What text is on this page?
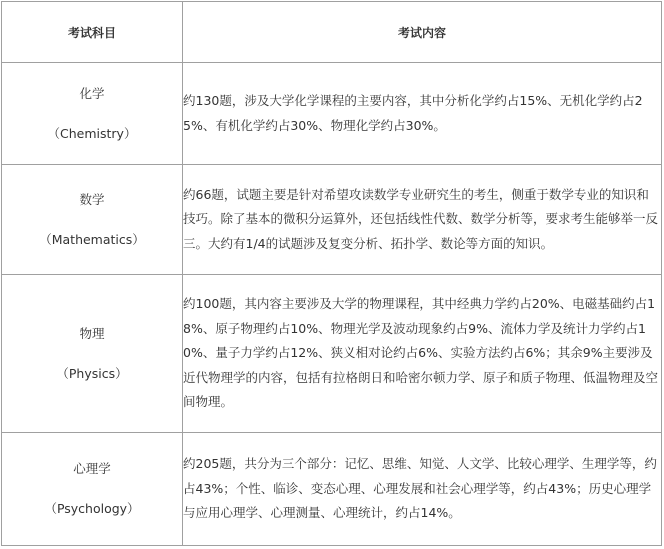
考试科目	考试内容

化学
（Chemistry）	约130题，涉及大学化学课程的主要内容，其中分析化学约占15%、无机化学约占25%、有机化学约占30%、物理化学约占30%。

数学
（Mathematics）	约66题，试题主要是针对希望攻读数学专业研究生的考生，侧重于数学专业的知识和技巧。除了基本的微积分运算外，还包括线性代数、数学分析等，要求考生能够举一反三。大约有1/4的试题涉及复变分析、拓扑学、数论等方面的知识。

物理
（Physics）	约100题，其内容主要涉及大学的物理课程，其中经典力学约占20%、电磁基础约占18%、原子物理约占10%、物理光学及波动现象约占9%、流体力学及统计力学约占10%、量子力学约占12%、狭义相对论约占6%、实验方法约占6%；其余9%主要涉及近代物理学的内容，包括有拉格朗日和哈密尔顿力学、原子和质子物理、低温物理及空间物理。

心理学
（Psychology）	约205题，共分为三个部分：记忆、思维、知觉、人文学、比较心理学、生理学等，约占43%；个性、临诊、变态心理、心理发展和社会心理学等，约占43%；历史心理学与应用心理学、心理测量、心理统计，约占14%。
